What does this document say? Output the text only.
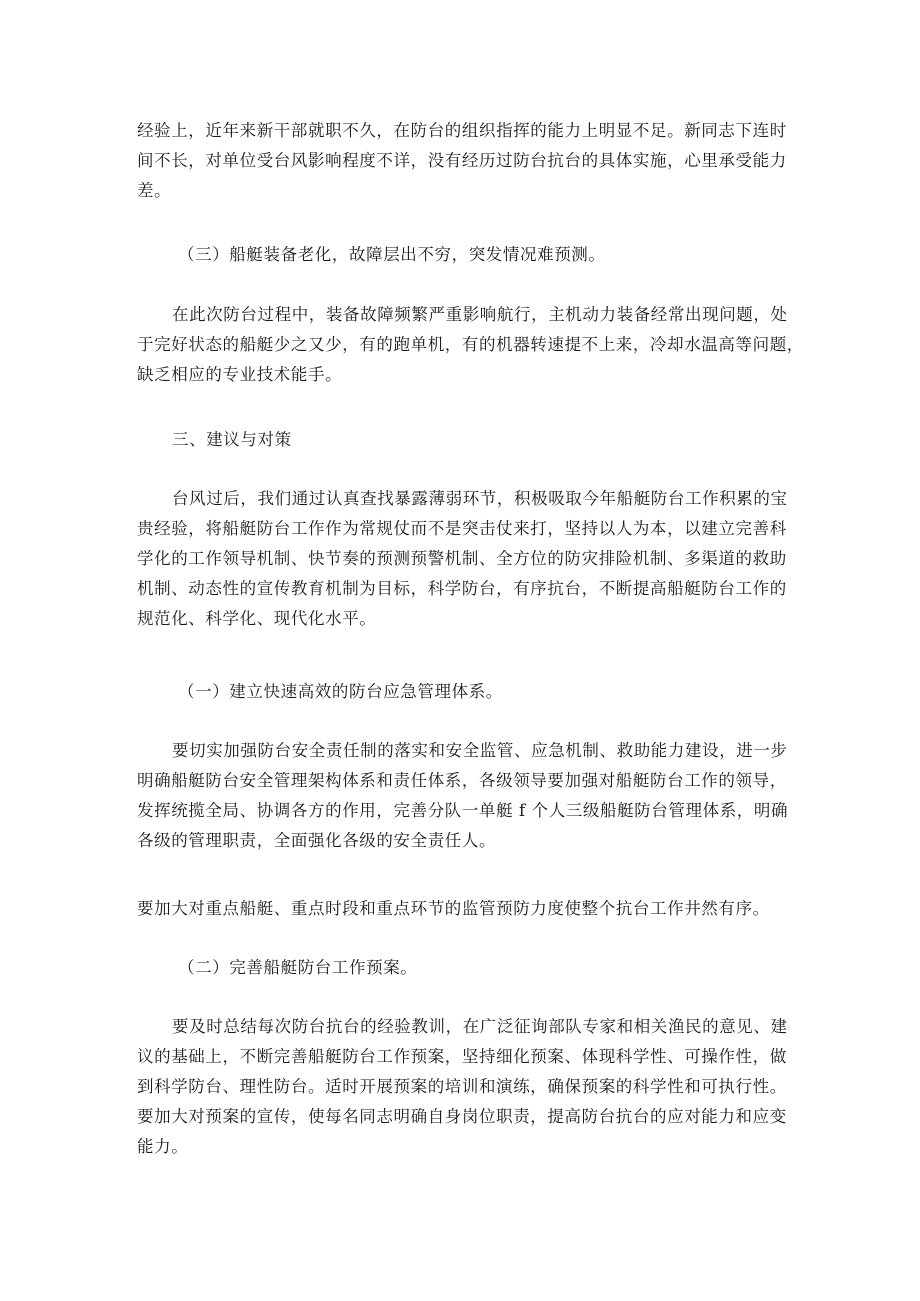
经验上，近年来新干部就职不久，在防台的组织指挥的能力上明显不足。新同志下连时
间不长，对单位受台风影响程度不详，没有经历过防台抗台的具体实施，心里承受能力
差。
（三）船艇装备老化，故障层出不穷，突发情况难预测。
在此次防台过程中，装备故障频繁严重影响航行，主机动力装备经常出现问题，处
于完好状态的船艇少之又少，有的跑单机，有的机器转速提不上来，冷却水温高等问题，
缺乏相应的专业技术能手。
三、建议与对策
台风过后，我们通过认真查找暴露薄弱环节，积极吸取今年船艇防台工作积累的宝
贵经验，将船艇防台工作作为常规仗而不是突击仗来打，坚持以人为本，以建立完善科
学化的工作领导机制、快节奏的预测预警机制、全方位的防灾排险机制、多渠道的救助
机制、动态性的宣传教育机制为目标，科学防台，有序抗台，不断提高船艇防台工作的
规范化、科学化、现代化水平。
（一）建立快速高效的防台应急管理体系。
要切实加强防台安全责任制的落实和安全监管、应急机制、救助能力建设，进一步
明确船艇防台安全管理架构体系和责任体系，各级领导要加强对船艇防台工作的领导，
发挥统揽全局、协调各方的作用，完善分队一单艇 f 个人三级船艇防台管理体系，明确
各级的管理职责，全面强化各级的安全责任人。
要加大对重点船艇、重点时段和重点环节的监管预防力度使整个抗台工作井然有序。
（二）完善船艇防台工作预案。
要及时总结每次防台抗台的经验教训，在广泛征询部队专家和相关渔民的意见、建
议的基础上，不断完善船艇防台工作预案，坚持细化预案、体现科学性、可操作性，做
到科学防台、理性防台。适时开展预案的培训和演练，确保预案的科学性和可执行性。
要加大对预案的宣传，使每名同志明确自身岗位职责，提高防台抗台的应对能力和应变
能力。
